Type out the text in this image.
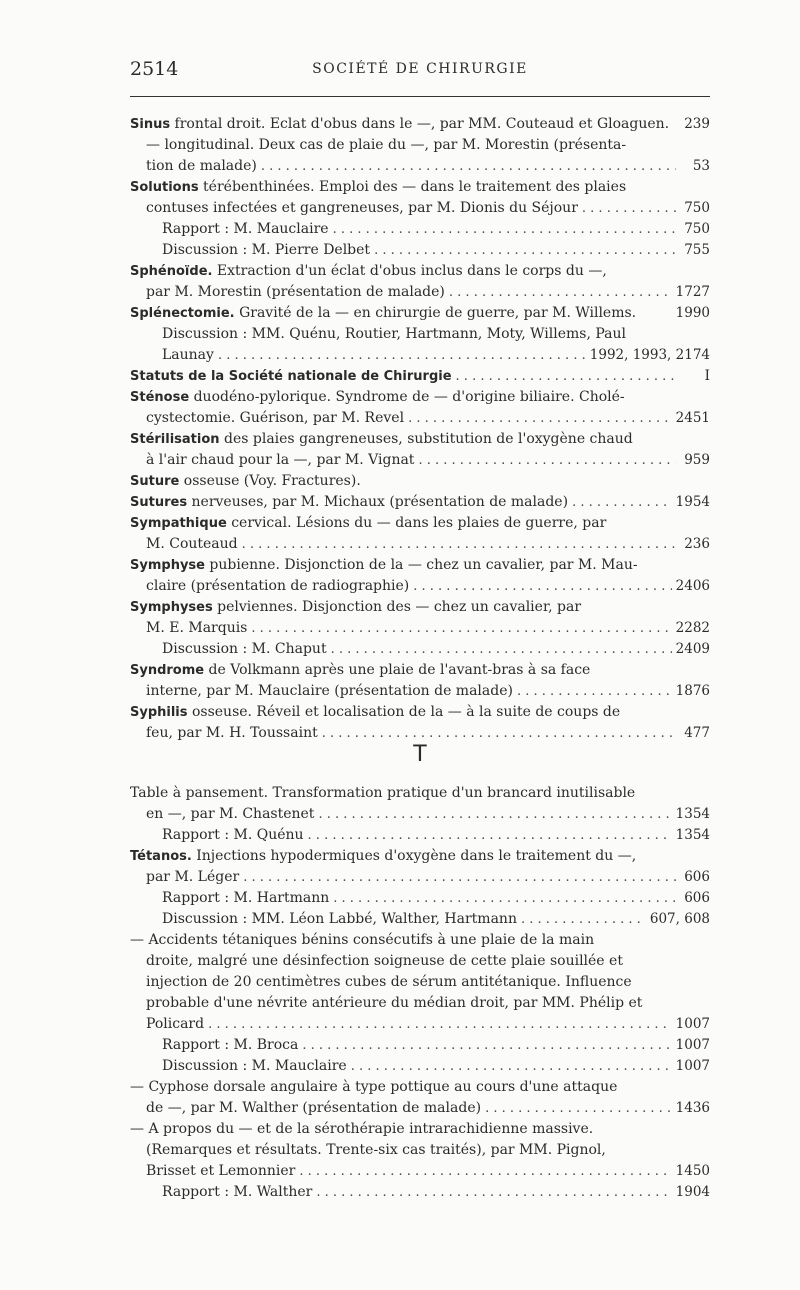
2514	SOCIÉTÉ DE CHIRURGIE
Sinus frontal droit. Eclat d'obus dans le —, par MM. Couteaud et Gloaguen.	239
— longitudinal. Deux cas de plaie du —, par M. Morestin (présenta-
tion de malade) . . .	53
Solutions térébenthinées. Emploi des — dans le traitement des plaies
contuses infectées et gangreneuses, par M. Dionis du Séjour . . .	750
Rapport : M. Mauclaire . . .	750
Discussion : M. Pierre Delbet . . .	755
Sphénoïde. Extraction d'un éclat d'obus inclus dans le corps du —,
par M. Morestin (présentation de malade) . . .	1727
Splénectomie. Gravité de la — en chirurgie de guerre, par M. Willems.	1990
Discussion : MM. Quénu, Routier, Hartmann, Moty, Willems, Paul
Launay . . .	1992, 1993, 2174
Statuts de la Société nationale de Chirurgie . . .	I
Sténose duodéno-pylorique. Syndrome de — d'origine biliaire. Cholé-
cystectomie. Guérison, par M. Revel . . .	2451
Stérilisation des plaies gangreneuses, substitution de l'oxygène chaud
à l'air chaud pour la —, par M. Vignat . . .	959
Suture osseuse (Voy. Fractures).
Sutures nerveuses, par M. Michaux (présentation de malade) . . .	1954
Sympathique cervical. Lésions du — dans les plaies de guerre, par
M. Couteaud . . .	236
Symphyse pubienne. Disjonction de la — chez un cavalier, par M. Mau-
claire (présentation de radiographie) . . .	2406
Symphyses pelviennes. Disjonction des — chez un cavalier, par
M. E. Marquis . . .	2282
Discussion : M. Chaput . . .	2409
Syndrome de Volkmann après une plaie de l'avant-bras à sa face
interne, par M. Mauclaire (présentation de malade) . . .	1876
Syphilis osseuse. Réveil et localisation de la — à la suite de coups de
feu, par M. H. Toussaint . . .	477
T
Table à pansement. Transformation pratique d'un brancard inutilisable
en —, par M. Chastenet . . .	1354
Rapport : M. Quénu . . .	1354
Tétanos. Injections hypodermiques d'oxygène dans le traitement du —,
par M. Léger . . .	606
Rapport : M. Hartmann . . .	606
Discussion : MM. Léon Labbé, Walther, Hartmann . . .	607, 608
— Accidents tétaniques bénins consécutifs à une plaie de la main
droite, malgré une désinfection soigneuse de cette plaie souillée et
injection de 20 centimètres cubes de sérum antitétanique. Influence
probable d'une névrite antérieure du médian droit, par MM. Phélip et
Policard . . .	1007
Rapport : M. Broca . . .	1007
Discussion : M. Mauclaire . . .	1007
— Cyphose dorsale angulaire à type pottique au cours d'une attaque
de —, par M. Walther (présentation de malade) . . .	1436
— A propos du — et de la sérothérapie intrarachidienne massive.
(Remarques et résultats. Trente-six cas traités), par MM. Pignol,
Brisset et Lemonnier . . .	1450
Rapport : M. Walther . . .	1904
